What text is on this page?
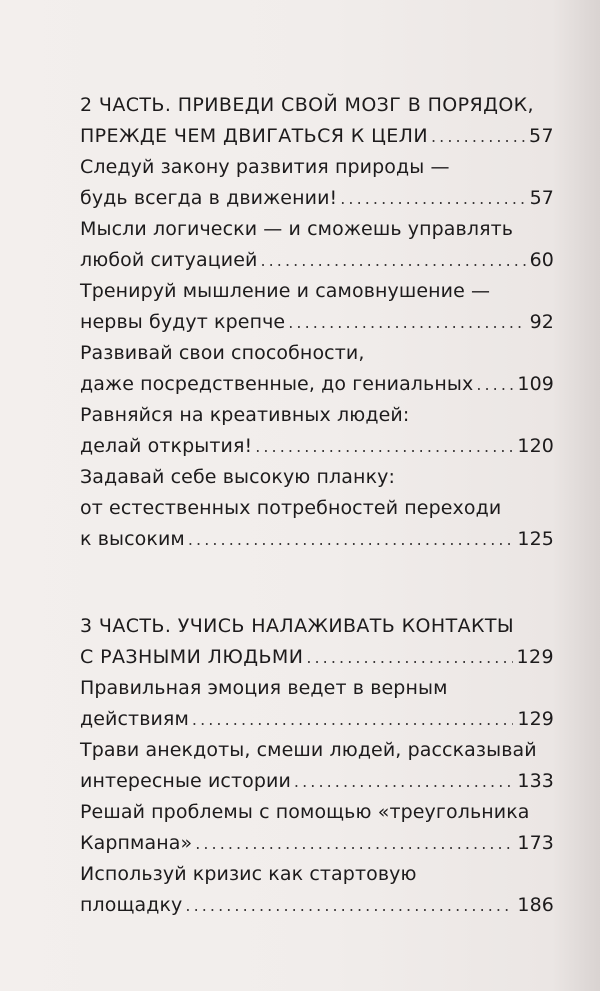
2 ЧАСТЬ. ПРИВЕДИ СВОЙ МОЗГ В ПОРЯДОК,
ПРЕЖДЕ ЧЕМ ДВИГАТЬСЯ К ЦЕЛИ . . .	57
Следуй закону развития природы —
будь всегда в движении! . . .	57
Мысли логически — и сможешь управлять
любой ситуацией . . .	60
Тренируй мышление и самовнушение —
нервы будут крепче . . .	92
Развивай свои способности,
даже посредственные, до гениальных . . . 109
Равняйся на креативных людей:
делай открытия! . . .	120
Задавай себе высокую планку:
от естественных потребностей переходи
к высоким . . .	125
3 ЧАСТЬ. УЧИСЬ НАЛАЖИВАТЬ КОНТАКТЫ
С РАЗНЫМИ ЛЮДЬМИ . . .	129
Правильная эмоция ведет в верным
действиям . . .	129
Трави анекдоты, смеши людей, рассказывай
интересные истории . . .	133
Решай проблемы с помощью «треугольника
Карпмана» . . .	173
Используй кризис как стартовую
площадку . . .	186
